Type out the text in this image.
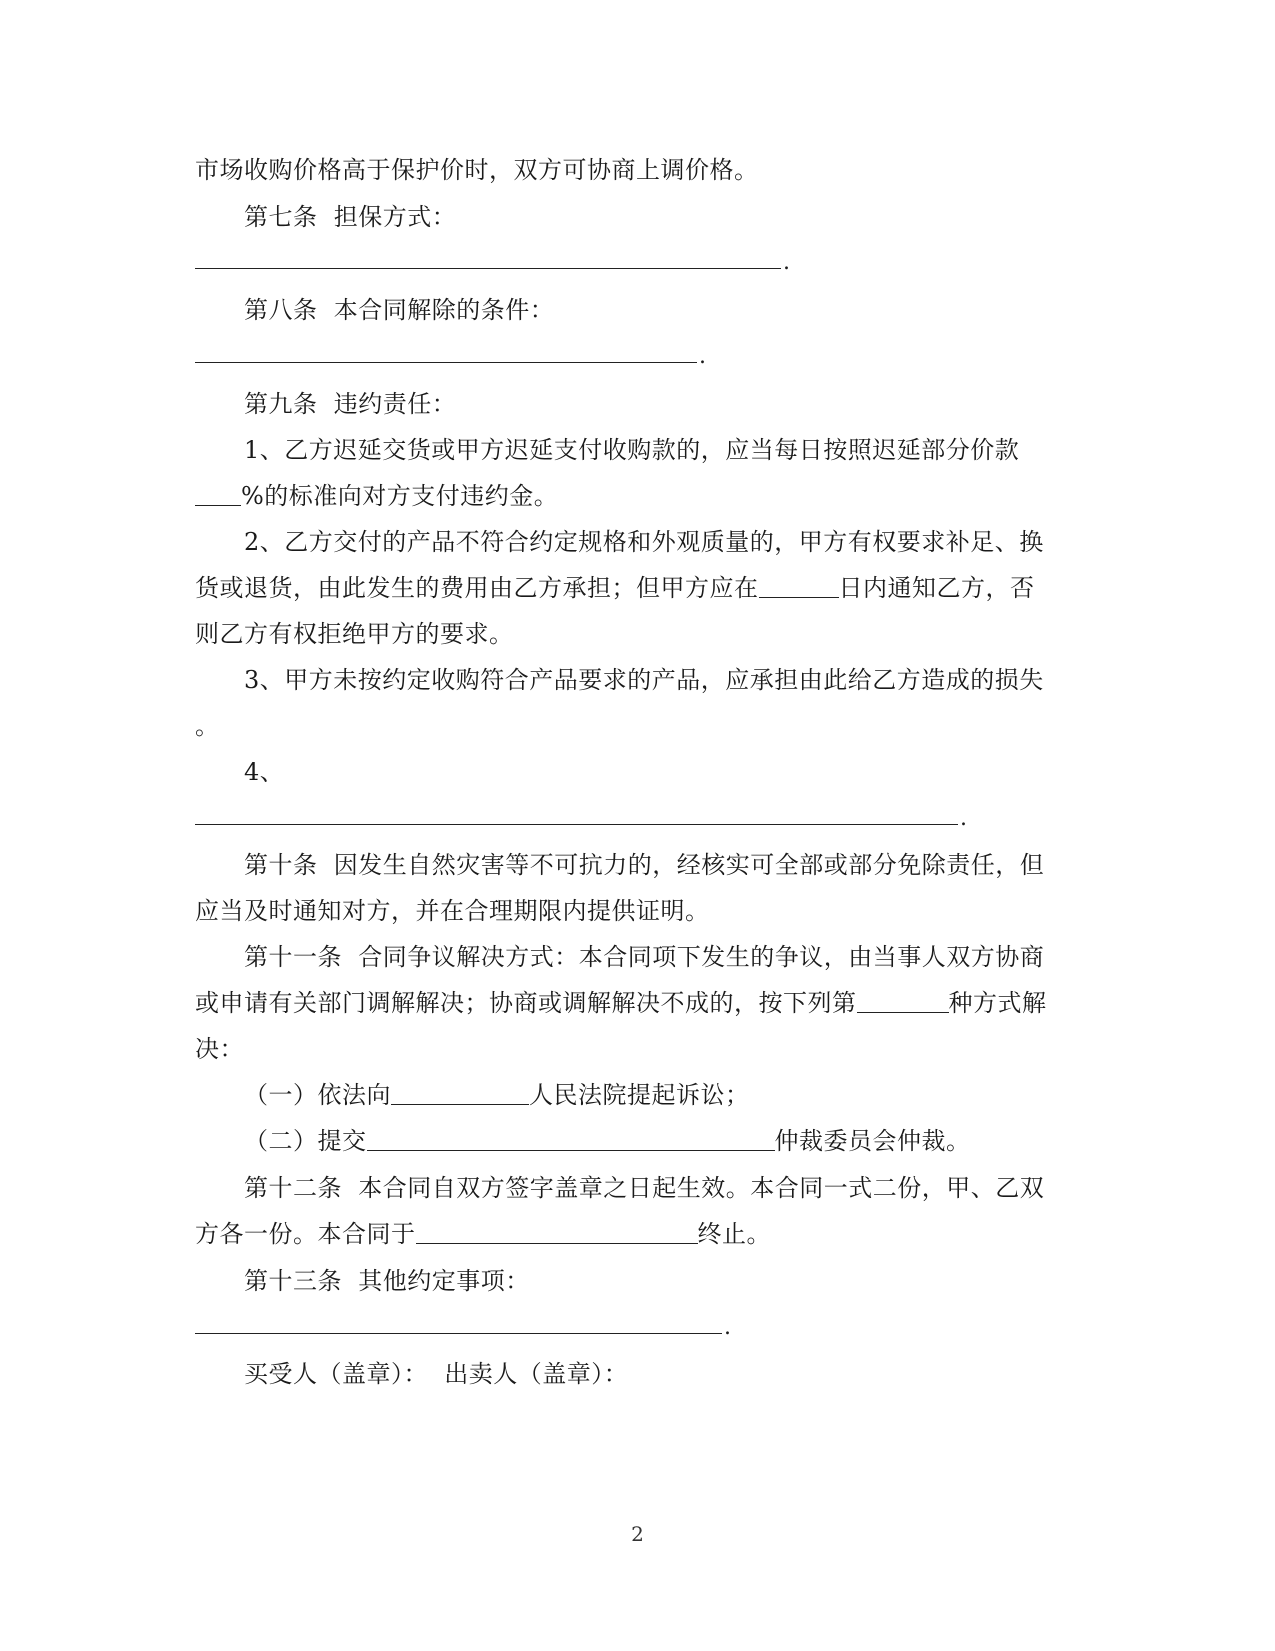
市场收购价格高于保护价时，双方可协商上调价格。
第七条  担保方式：
.
第八条  本合同解除的条件：
.
第九条  违约责任：
1、乙方迟延交货或甲方迟延支付收购款的，应当每日按照迟延部分价款
%的标准向对方支付违约金。
2、乙方交付的产品不符合约定规格和外观质量的，甲方有权要求补足、换
货或退货，由此发生的费用由乙方承担；但甲方应在	日内通知乙方，否
则乙方有权拒绝甲方的要求。
3、甲方未按约定收购符合产品要求的产品，应承担由此给乙方造成的损失
。
4、
.
第十条  因发生自然灾害等不可抗力的，经核实可全部或部分免除责任，但
应当及时通知对方，并在合理期限内提供证明。
第十一条  合同争议解决方式：本合同项下发生的争议，由当事人双方协商
或申请有关部门调解解决；协商或调解解决不成的，按下列第	种方式解
决：
（一）依法向	人民法院提起诉讼；
（二）提交	仲裁委员会仲裁。
第十二条  本合同自双方签字盖章之日起生效。本合同一式二份，甲、乙双
方各一份。本合同于	终止。
第十三条  其他约定事项：
.
买受人（盖章）：  出卖人（盖章）：
2
